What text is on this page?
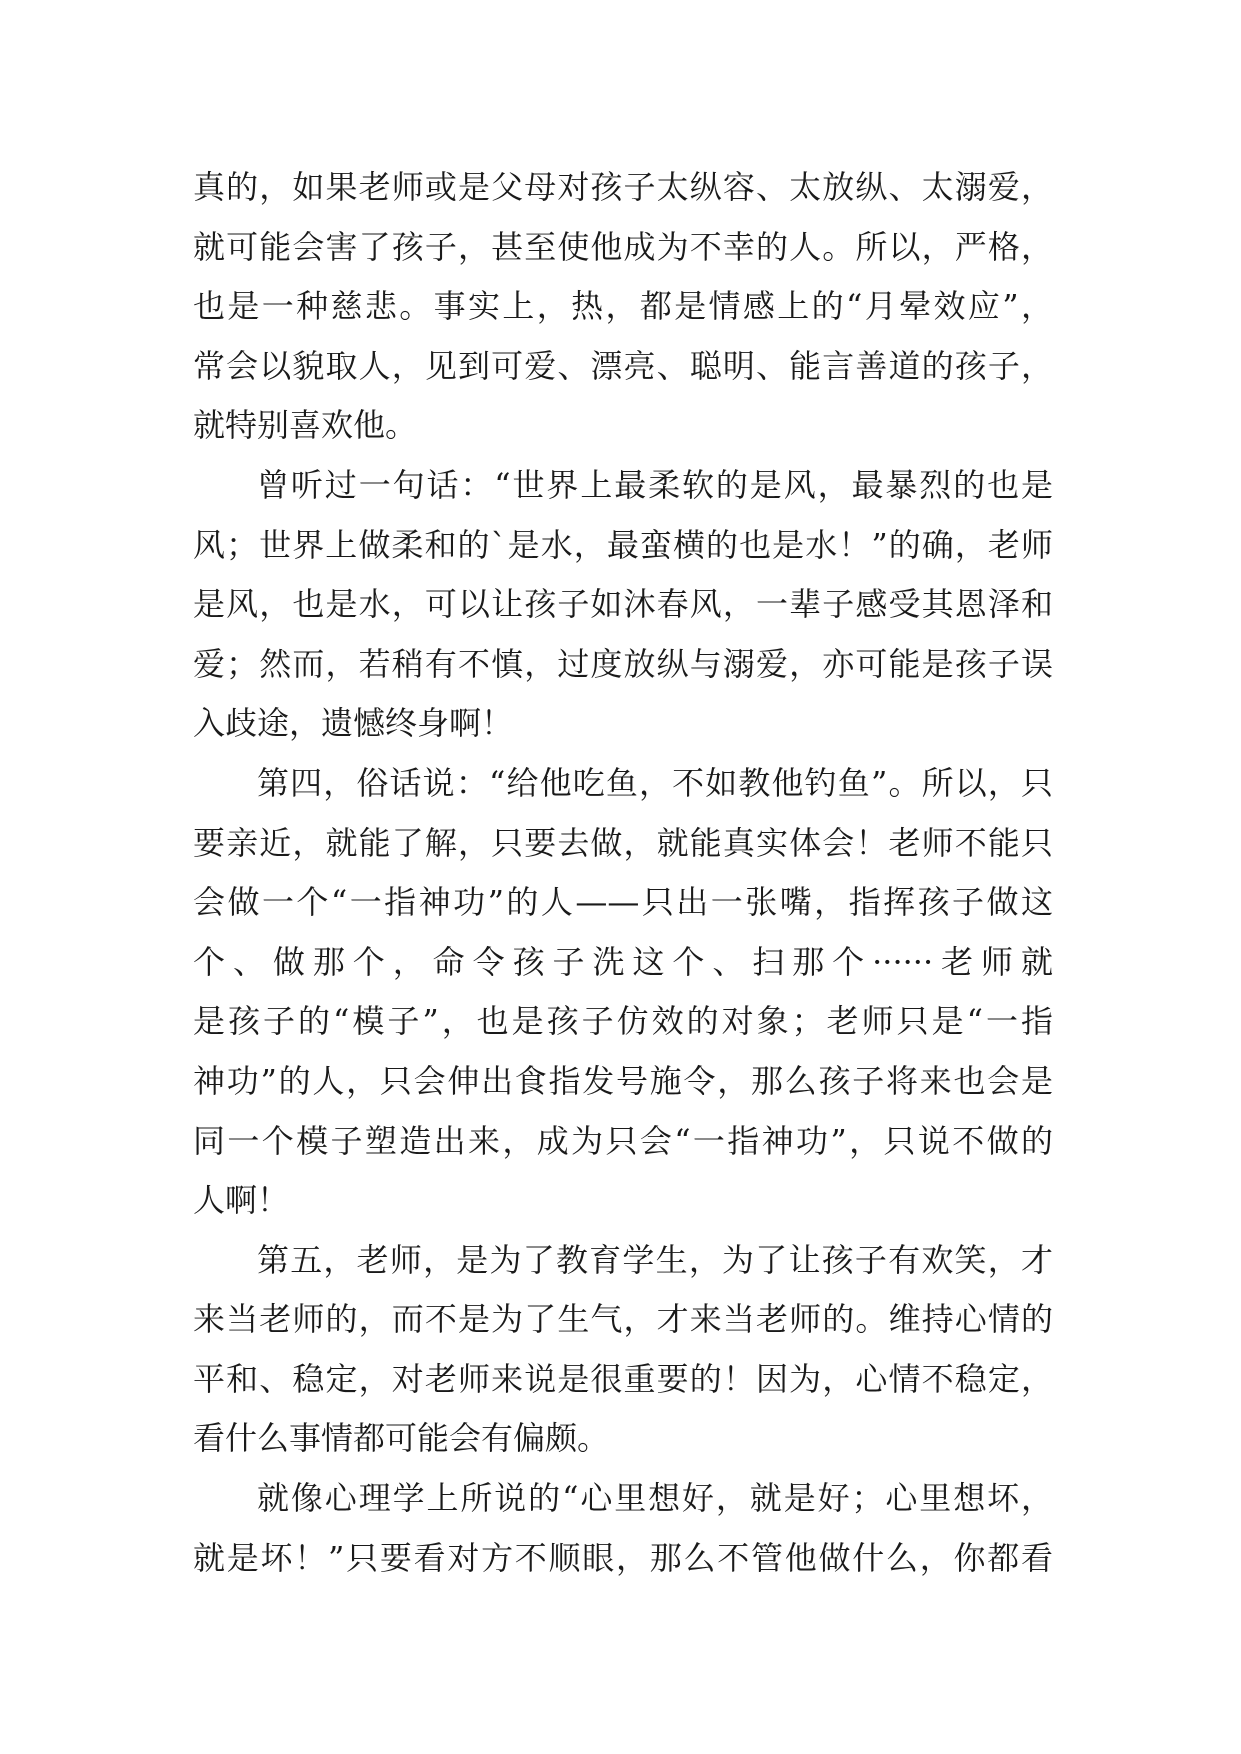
真的，如果老师或是父母对孩子太纵容、太放纵、太溺爱，
就可能会害了孩子，甚至使他成为不幸的人。所以，严格，
也是一种慈悲。事实上，热，都是情感上的“月晕效应”，
常会以貌取人，见到可爱、漂亮、聪明、能言善道的孩子，
就特别喜欢他。
曾听过一句话：“世界上最柔软的是风，最暴烈的也是
风；世界上做柔和的`是水，最蛮横的也是水！”的确，老师
是风，也是水，可以让孩子如沐春风，一辈子感受其恩泽和
爱；然而，若稍有不慎，过度放纵与溺爱，亦可能是孩子误
入歧途，遗憾终身啊！
第四，俗话说：“给他吃鱼，不如教他钓鱼”。所以，只
要亲近，就能了解，只要去做，就能真实体会！老师不能只
会做一个“一指神功”的人——只出一张嘴，指挥孩子做这
个、做那个，命令孩子洗这个、扫那个······老师就
是孩子的“模子”，也是孩子仿效的对象；老师只是“一指
神功”的人，只会伸出食指发号施令，那么孩子将来也会是
同一个模子塑造出来，成为只会“一指神功”，只说不做的
人啊！
第五，老师，是为了教育学生，为了让孩子有欢笑，才
来当老师的，而不是为了生气，才来当老师的。维持心情的
平和、稳定，对老师来说是很重要的！因为，心情不稳定，
看什么事情都可能会有偏颇。
就像心理学上所说的“心里想好，就是好；心里想坏，
就是坏！”只要看对方不顺眼，那么不管他做什么，你都看
